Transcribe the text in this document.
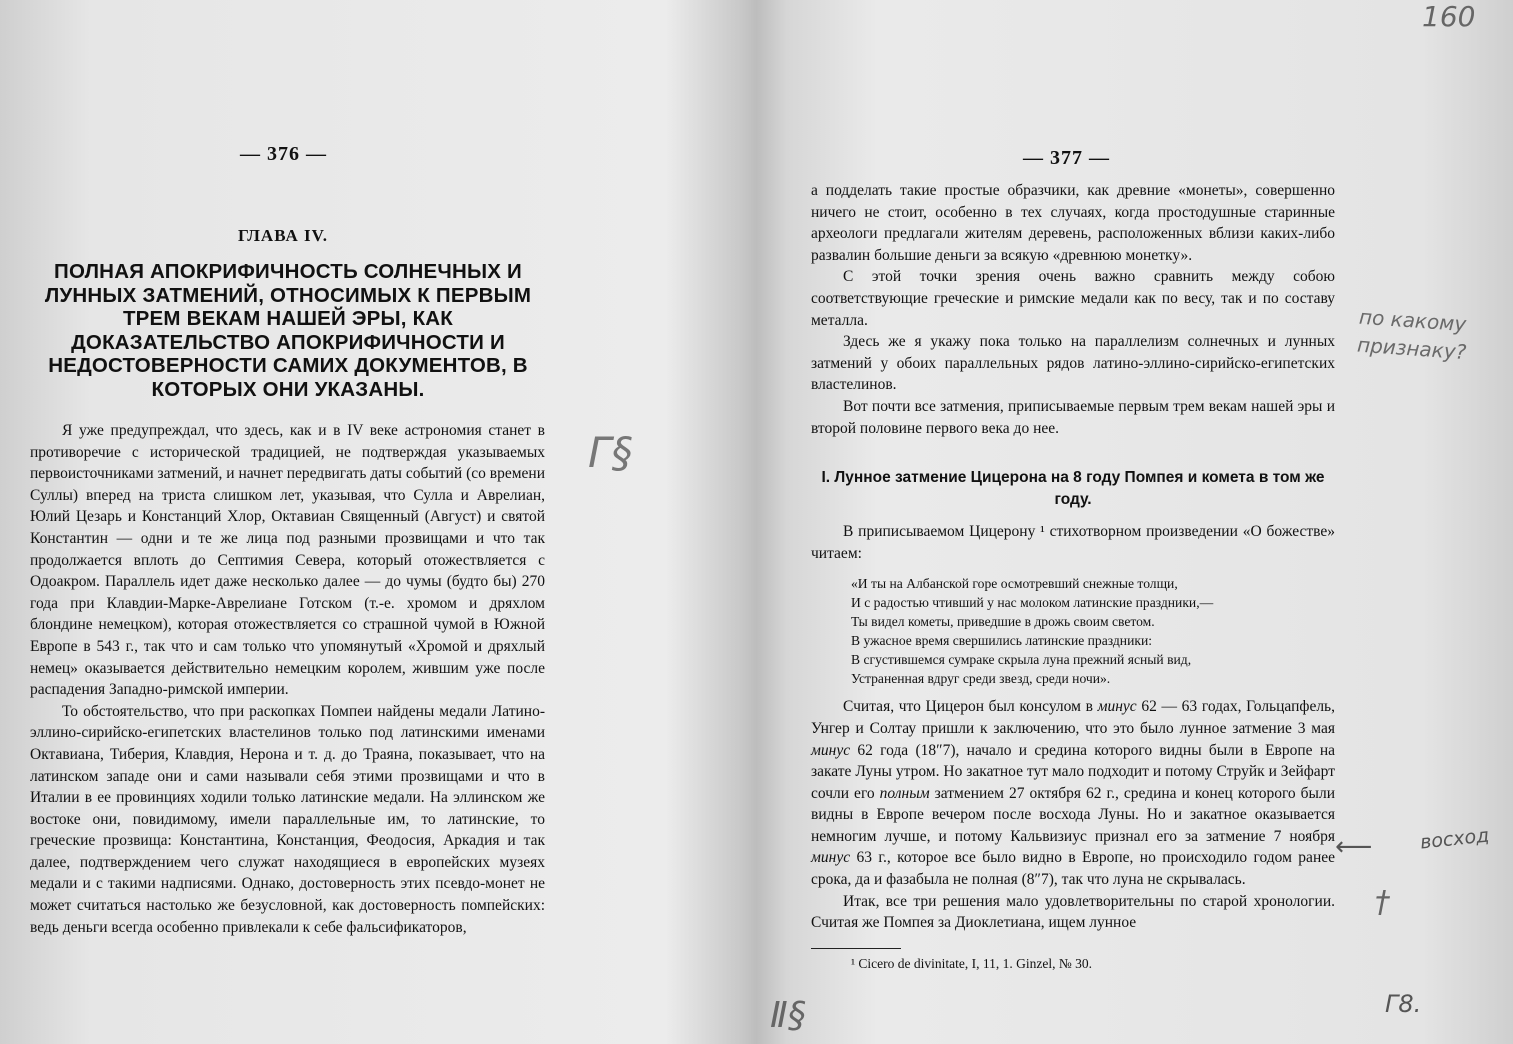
— 376 —
ГЛАВА IV.
ПОЛНАЯ АПОКРИФИЧНОСТЬ СОЛНЕЧНЫХ И ЛУННЫХ ЗАТМЕНИЙ, ОТНОСИМЫХ К ПЕРВЫМ ТРЕМ ВЕКАМ НАШЕЙ ЭРЫ, КАК ДОКАЗАТЕЛЬСТВО АПОКРИФИЧНОСТИ И НЕДОСТОВЕРНОСТИ САМИХ ДОКУМЕНТОВ, В КОТОРЫХ ОНИ УКАЗАНЫ.

Я уже предупреждал, что здесь, как и в IV веке астрономия станет в противоречие с исторической традицией, не подтверждая указываемых первоисточниками затмений, и начнет передвигать даты событий (со времени Суллы) вперед на триста слишком лет, указывая, что Сулла и Аврелиан, Юлий Цезарь и Констанций Хлор, Октавиан Священный (Август) и святой Константин — одни и те же лица под разными прозвищами и что так продолжается вплоть до Септимия Севера, который отожествляется с Одоакром. Параллель идет даже несколько далее — до чумы (будто бы) 270 года при Клавдии-Марке-Аврелиане Готском (т.-е. хромом и дряхлом блондине немецком), которая отожествляется со страшной чумой в Южной Европе в 543 г., так что и сам только что упомянутый «Хромой и дряхлый немец» оказывается действительно немецким королем, жившим уже после распадения Западно-римской империи.

То обстоятельство, что при раскопках Помпеи найдены медали Латино-эллино-сирийско-египетских властелинов только под латинскими именами Октавиана, Тиберия, Клавдия, Нерона и т. д. до Траяна, показывает, что на латинском западе они и сами называли себя этими прозвищами и что в Италии в ее провинциях ходили только латинские медали. На эллинском же востоке они, повидимому, имели параллельные им, то латинские, то греческие прозвища: Константина, Констанция, Феодосия, Аркадия и так далее, подтверждением чего служат находящиеся в европейских музеях медали и с такими надписями. Однако, достоверность этих псевдо-монет не может считаться настолько же безусловной, как достоверность помпейских: ведь деньги всегда особенно привлекали к себе фальсификаторов,

— 377 —

а подделать такие простые образчики, как древние «монеты», совершенно ничего не стоит, особенно в тех случаях, когда простодушные старинные археологи предлагали жителям деревень, расположенных вблизи каких-либо развалин большие деньги за всякую «древнюю монетку».

С этой точки зрения очень важно сравнить между собою соответствующие греческие и римские медали как по весу, так и по составу металла.

Здесь же я укажу пока только на параллелизм солнечных и лунных затмений у обоих параллельных рядов латино-эллино-сирийско-египетских властелинов.

Вот почти все затмения, приписываемые первым трем векам нашей эры и второй половине первого века до нее.

I. Лунное затмение Цицерона на 8 году Помпея и комета в том же году.

В приписываемом Цицерону ¹ стихотворном произведении «О божестве» читаем:

«И ты на Албанской горе осмотревший снежные толщи,
И с радостью чтивший у нас молоком латинские праздники,—
Ты видел кометы, приведшие в дрожь своим светом.
В ужасное время свершились латинские праздники:
В сгустившемся сумраке скрыла луна прежний ясный вид,
Устраненная вдруг среди звезд, среди ночи».

Считая, что Цицерон был консулом в минус 62 — 63 годах, Гольцапфель, Унгер и Солтау пришли к заключению, что это было лунное затмение 3 мая минус 62 года (18″7), начало и средина которого видны были в Европе на закате Луны утром. Но закатное тут мало подходит и потому Струйк и Зейфарт сочли его полным затмением 27 октября 62 г., средина и конец которого были видны в Европе вечером после восхода Луны. Но и закатное оказывается немногим лучше, и потому Кальвизиус признал его за затмение 7 ноября минус 63 г., которое все было видно в Европе, но происходило годом ранее срока, да и фазабыла не полная (8″7), так что луна не скрывалась.

Итак, все три решения мало удовлетворительны по старой хронологии. Считая же Помпея за Диоклетиана, ищем лунное

¹ Cicero de divinitate, I, 11, 1. Ginzel, № 30.
160
по какому признаку?
восход
⟵
Γ§
Ⅱ§
†
Γ8.
